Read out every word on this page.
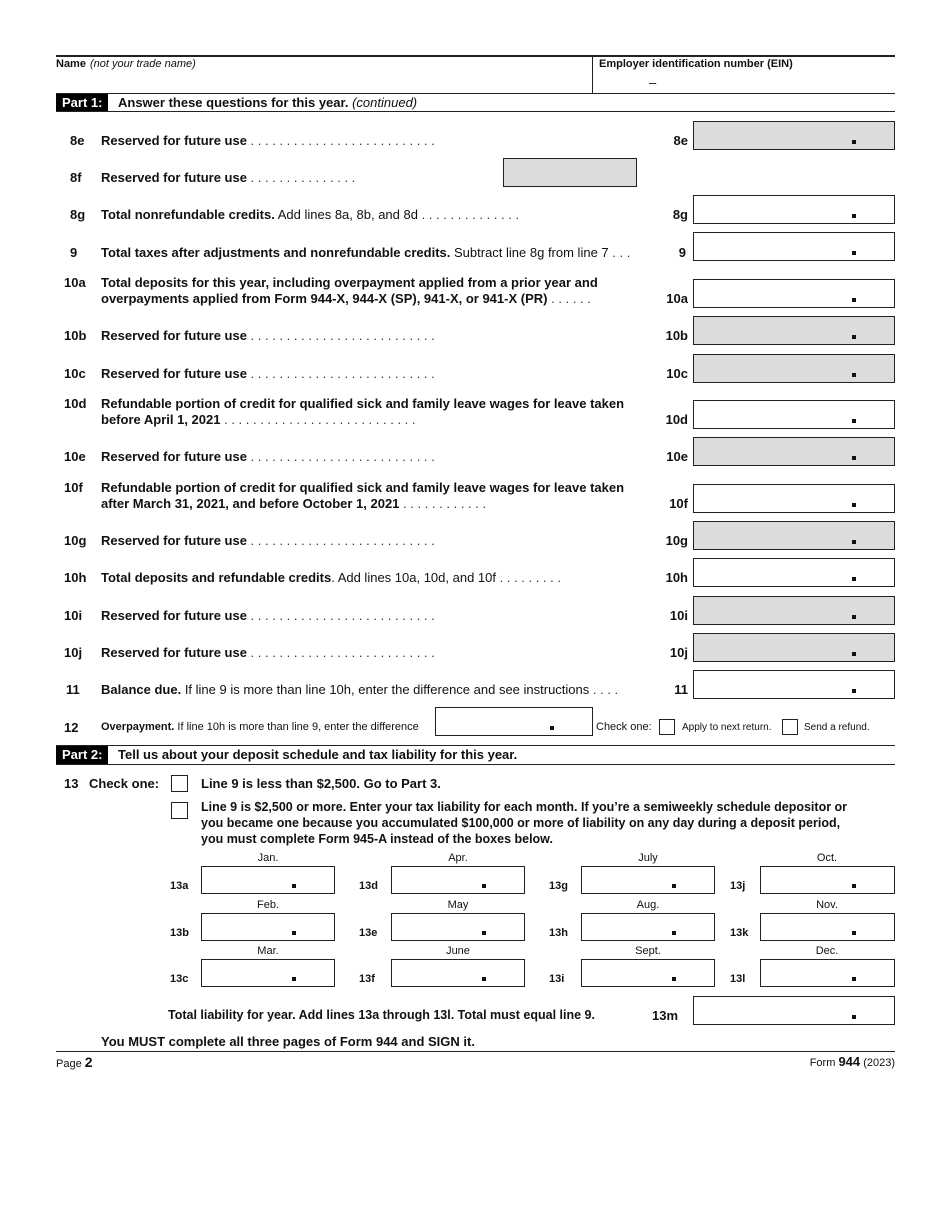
Name (not your trade name)	Employer identification number (EIN)
–
Part 1:	Answer these questions for this year. (continued)
8e Reserved for future use . . . . . . . . . . . . . . . . . . . . . . . . . .	8e
8f Reserved for future use . . . . . . . . . . . . . . .
8g Total nonrefundable credits. Add lines 8a, 8b, and 8d . . . . . . . . . . . . . .	8g
9 Total taxes after adjustments and nonrefundable credits. Subtract line 8g from line 7 . . .	9
10a Total deposits for this year, including overpayment applied from a prior year and
overpayments applied from Form 944-X, 944-X (SP), 941-X, or 941-X (PR) . . . . . .	10a
10b Reserved for future use . . . . . . . . . . . . . . . . . . . . . . . . . .	10b
10c Reserved for future use . . . . . . . . . . . . . . . . . . . . . . . . . .	10c
10d Refundable portion of credit for qualified sick and family leave wages for leave taken
before April 1, 2021 . . . . . . . . . . . . . . . . . . . . . . . . . . .	10d
10e Reserved for future use . . . . . . . . . . . . . . . . . . . . . . . . . .	10e
10f Refundable portion of credit for qualified sick and family leave wages for leave taken
after March 31, 2021, and before October 1, 2021 . . . . . . . . . . . .	10f
10g Reserved for future use . . . . . . . . . . . . . . . . . . . . . . . . . .	10g
10h Total deposits and refundable credits. Add lines 10a, 10d, and 10f . . . . . . . . .	10h
10i Reserved for future use . . . . . . . . . . . . . . . . . . . . . . . . . .	10i
10j Reserved for future use . . . . . . . . . . . . . . . . . . . . . . . . . .	10j
11 Balance due. If line 9 is more than line 10h, enter the difference and see instructions . . . .	11
12 Overpayment. If line 10h is more than line 9, enter the difference	Check one:	Apply to next return.	Send a refund.
Part 2:	Tell us about your deposit schedule and tax liability for this year.
13 Check one:	Line 9 is less than $2,500. Go to Part 3.
Line 9 is $2,500 or more. Enter your tax liability for each month. If you’re a semiweekly schedule depositor or
you became one because you accumulated $100,000 or more of liability on any day during a deposit period,
you must complete Form 945-A instead of the boxes below.
Jan.	Apr.	July	Oct.
13a	13d	13g	13j
Feb.	May	Aug.	Nov.
13b	13e	13h	13k
Mar.	June	Sept.	Dec.
13c	13f	13i	13l
Total liability for year. Add lines 13a through 13l. Total must equal line 9.	13m
You MUST complete all three pages of Form 944 and SIGN it.
Page 2	Form 944 (2023)
